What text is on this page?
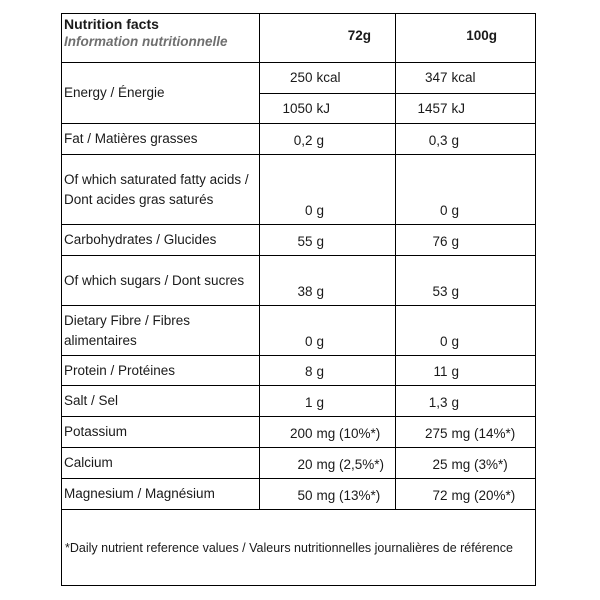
Nutrition facts
Information nutritionnelle	72g		100g	
Energy / Énergie	250	kcal	347	kcal
	1050	kJ	1457	kJ
Fat / Matières grasses	0,2	g	0,3	g
Of which saturated fatty acids / Dont acides gras saturés	0	g	0	g
Carbohydrates / Glucides	55	g	76	g
Of which sugars / Dont sucres	38	g	53	g
Dietary Fibre / Fibres alimentaires	0	g	0	g
Protein / Protéines	8	g	11	g
Salt / Sel	1	g	1,3	g
Potassium	200	mg (10%*)	275	mg (14%*)
Calcium	20	mg (2,5%*)	25	mg (3%*)
Magnesium / Magnésium	50	mg (13%*)	72	mg (20%*)
*Daily nutrient reference values / Valeurs nutritionnelles journalières de référence				
